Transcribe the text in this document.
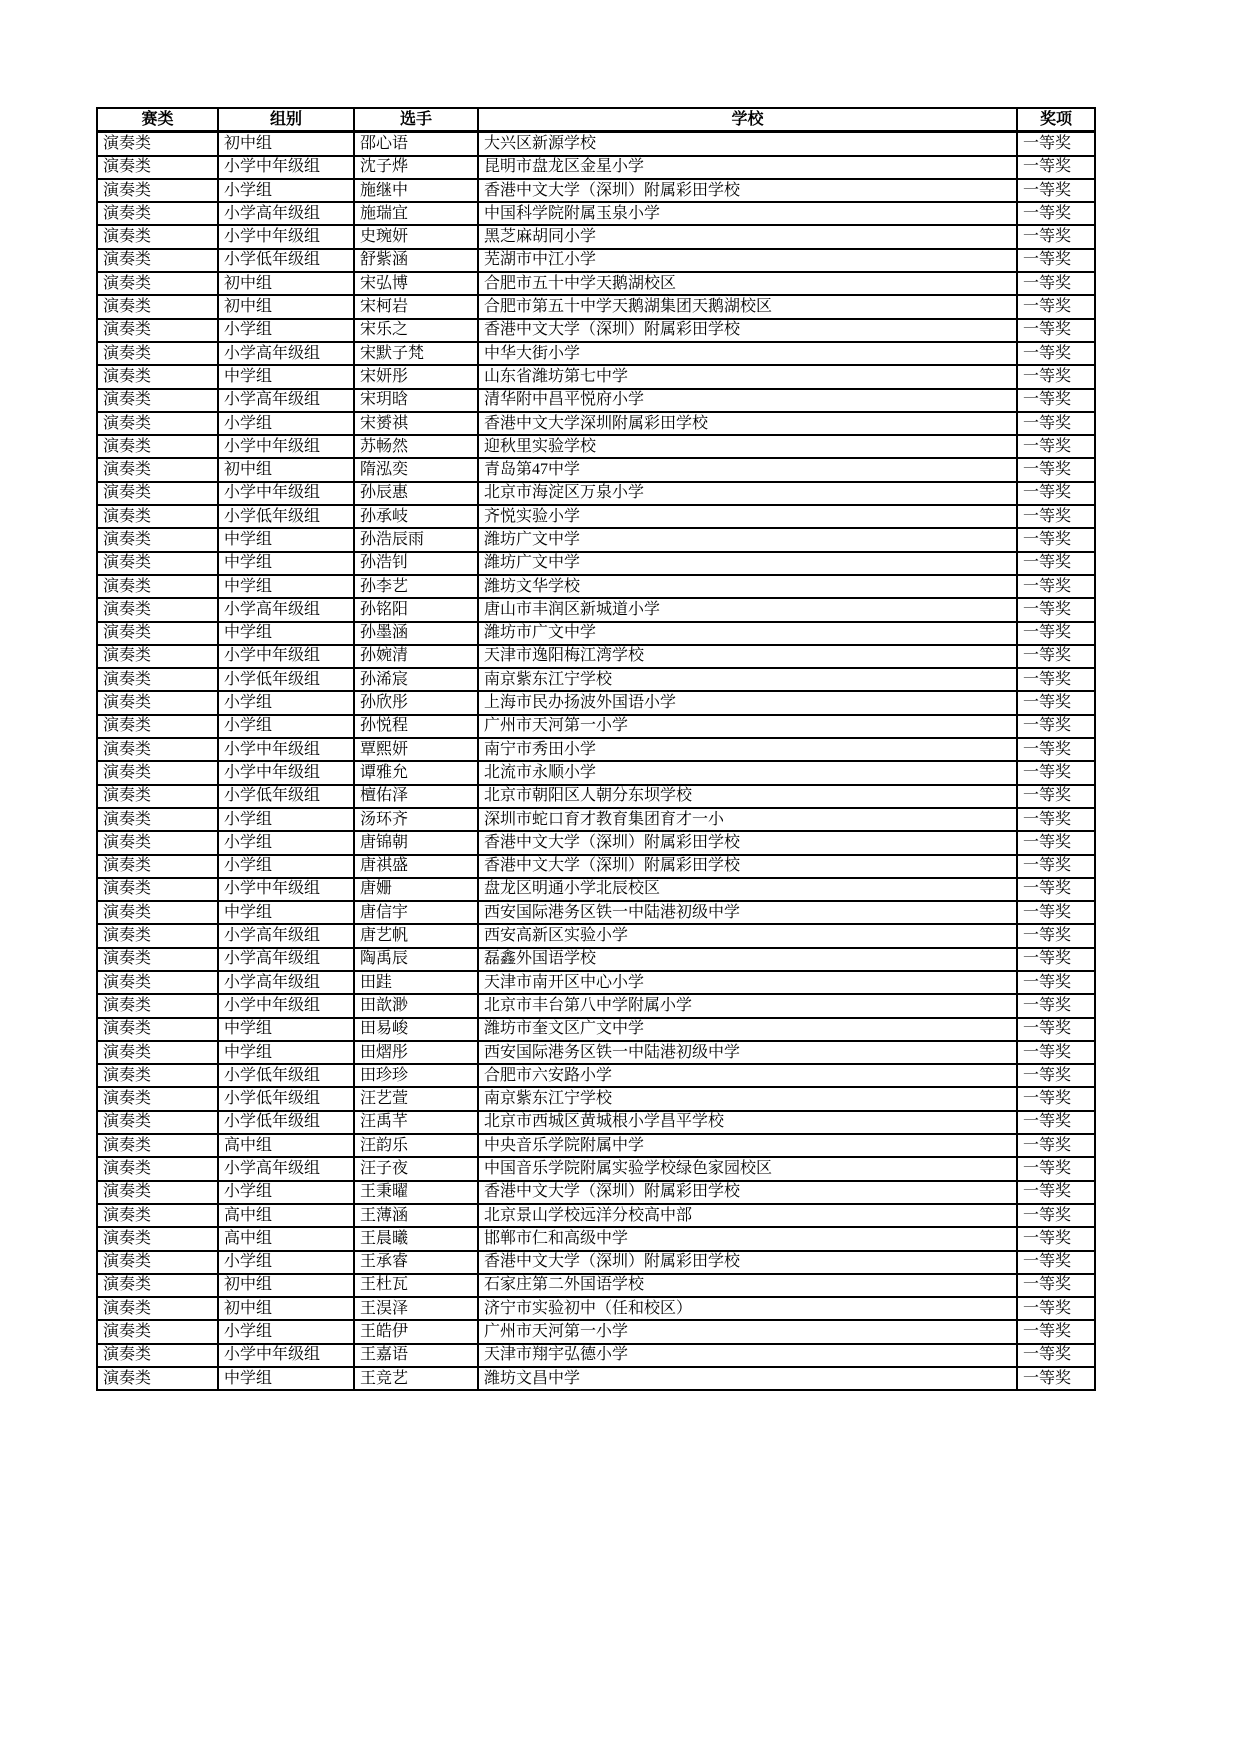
赛类	组别	选手	学校	奖项
演奏类	初中组	邵心语	大兴区新源学校	一等奖
演奏类	小学中年级组	沈子烨	昆明市盘龙区金星小学	一等奖
演奏类	小学组	施继中	香港中文大学（深圳）附属彩田学校	一等奖
演奏类	小学高年级组	施瑞宜	中国科学院附属玉泉小学	一等奖
演奏类	小学中年级组	史琬妍	黑芝麻胡同小学	一等奖
演奏类	小学低年级组	舒紫涵	芜湖市中江小学	一等奖
演奏类	初中组	宋弘博	合肥市五十中学天鹅湖校区	一等奖
演奏类	初中组	宋柯岩	合肥市第五十中学天鹅湖集团天鹅湖校区	一等奖
演奏类	小学组	宋乐之	香港中文大学（深圳）附属彩田学校	一等奖
演奏类	小学高年级组	宋默子梵	中华大街小学	一等奖
演奏类	中学组	宋妍彤	山东省潍坊第七中学	一等奖
演奏类	小学高年级组	宋玥晗	清华附中昌平悦府小学	一等奖
演奏类	小学组	宋赟祺	香港中文大学深圳附属彩田学校	一等奖
演奏类	小学中年级组	苏畅然	迎秋里实验学校	一等奖
演奏类	初中组	隋泓奕	青岛第47中学	一等奖
演奏类	小学中年级组	孙辰惠	北京市海淀区万泉小学	一等奖
演奏类	小学低年级组	孙承岐	齐悦实验小学	一等奖
演奏类	中学组	孙浩辰雨	潍坊广文中学	一等奖
演奏类	中学组	孙浩钊	潍坊广文中学	一等奖
演奏类	中学组	孙李艺	潍坊文华学校	一等奖
演奏类	小学高年级组	孙铭阳	唐山市丰润区新城道小学	一等奖
演奏类	中学组	孙墨涵	潍坊市广文中学	一等奖
演奏类	小学中年级组	孙婉清	天津市逸阳梅江湾学校	一等奖
演奏类	小学低年级组	孙浠宸	南京紫东江宁学校	一等奖
演奏类	小学组	孙欣彤	上海市民办扬波外国语小学	一等奖
演奏类	小学组	孙悦程	广州市天河第一小学	一等奖
演奏类	小学中年级组	覃熙妍	南宁市秀田小学	一等奖
演奏类	小学中年级组	谭雅允	北流市永顺小学	一等奖
演奏类	小学低年级组	檀佑泽	北京市朝阳区人朝分东坝学校	一等奖
演奏类	小学组	汤环齐	深圳市蛇口育才教育集团育才一小	一等奖
演奏类	小学组	唐锦朝	香港中文大学（深圳）附属彩田学校	一等奖
演奏类	小学组	唐祺盛	香港中文大学（深圳）附属彩田学校	一等奖
演奏类	小学中年级组	唐姗	盘龙区明通小学北辰校区	一等奖
演奏类	中学组	唐信宇	西安国际港务区铁一中陆港初级中学	一等奖
演奏类	小学高年级组	唐艺帆	西安高新区实验小学	一等奖
演奏类	小学高年级组	陶禹辰	磊鑫外国语学校	一等奖
演奏类	小学高年级组	田跬	天津市南开区中心小学	一等奖
演奏类	小学中年级组	田歆渺	北京市丰台第八中学附属小学	一等奖
演奏类	中学组	田易峻	潍坊市奎文区广文中学	一等奖
演奏类	中学组	田熠彤	西安国际港务区铁一中陆港初级中学	一等奖
演奏类	小学低年级组	田珍珍	合肥市六安路小学	一等奖
演奏类	小学低年级组	汪艺萱	南京紫东江宁学校	一等奖
演奏类	小学低年级组	汪禹芊	北京市西城区黄城根小学昌平学校	一等奖
演奏类	高中组	汪韵乐	中央音乐学院附属中学	一等奖
演奏类	小学高年级组	汪子夜	中国音乐学院附属实验学校绿色家园校区	一等奖
演奏类	小学组	王秉曜	香港中文大学（深圳）附属彩田学校	一等奖
演奏类	高中组	王薄涵	北京景山学校远洋分校高中部	一等奖
演奏类	高中组	王晨曦	邯郸市仁和高级中学	一等奖
演奏类	小学组	王承睿	香港中文大学（深圳）附属彩田学校	一等奖
演奏类	初中组	王杜瓦	石家庄第二外国语学校	一等奖
演奏类	初中组	王淏泽	济宁市实验初中（任和校区）	一等奖
演奏类	小学组	王皓伊	广州市天河第一小学	一等奖
演奏类	小学中年级组	王嘉语	天津市翔宇弘德小学	一等奖
演奏类	中学组	王竞艺	潍坊文昌中学	一等奖
